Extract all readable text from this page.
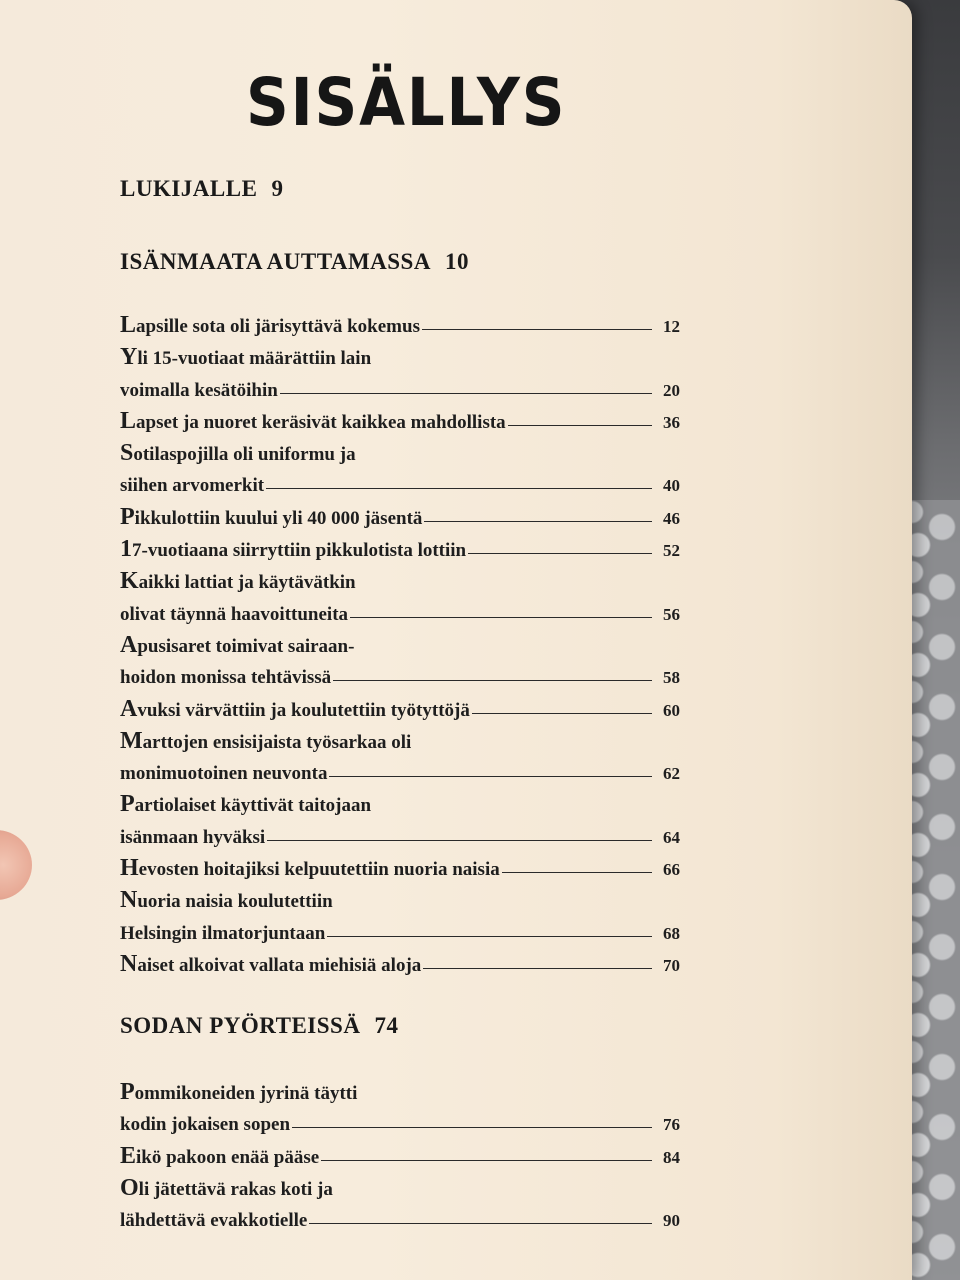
SISÄLLYS

LUKIJALLE 9

ISÄNMAATA AUTTAMASSA 10

Lapsille sota oli järisyttävä kokemus	12
Yli 15-vuotiaat määrättiin lain
voimalla kesätöihin	20
Lapset ja nuoret keräsivät kaikkea mahdollista	36
Sotilaspojilla oli uniformu ja
siihen arvomerkit	40
Pikkulottiin kuului yli 40 000 jäsentä	46
17-vuotiaana siirryttiin pikkulotista lottiin	52
Kaikki lattiat ja käytävätkin
olivat täynnä haavoittuneita	56
Apusisaret toimivat sairaan-
hoidon monissa tehtävissä	58
Avuksi värvättiin ja koulutettiin työtyttöjä	60
Marttojen ensisijaista työsarkaa oli
monimuotoinen neuvonta	62
Partiolaiset käyttivät taitojaan
isänmaan hyväksi	64
Hevosten hoitajiksi kelpuutettiin nuoria naisia	66
Nuoria naisia koulutettiin
Helsingin ilmatorjuntaan	68
Naiset alkoivat vallata miehisiä aloja	70

SODAN PYÖRTEISSÄ 74

Pommikoneiden jyrinä täytti
kodin jokaisen sopen	76
Eikö pakoon enää pääse	84
Oli jätettävä rakas koti ja
lähdettävä evakkotielle	90
